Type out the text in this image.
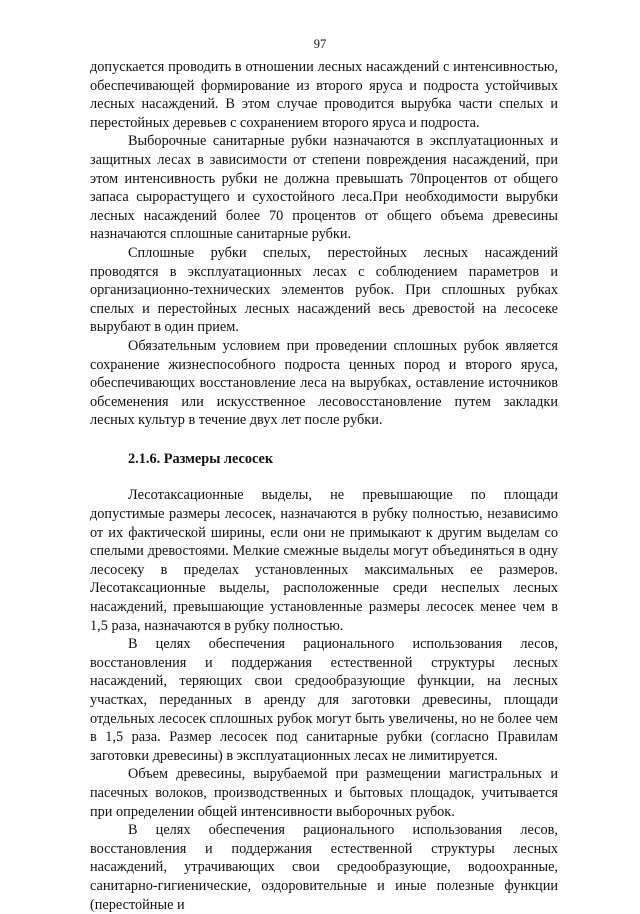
97

допускается проводить в отношении лесных насаждений с интенсивностью, обеспечивающей формирование из второго яруса и подроста устойчивых лесных насаждений. В этом случае проводится вырубка части спелых и перестойных деревьев с сохранением второго яруса и подроста.

Выборочные санитарные рубки назначаются в эксплуатационных и защитных лесах в зависимости от степени повреждения насаждений, при этом интенсивность рубки не должна превышать 70процентов от общего запаса сырорастущего и сухостойного леса.При необходимости вырубки лесных насаждений более 70 процентов от общего объема древесины назначаются сплошные санитарные рубки.

Сплошные рубки спелых, перестойных лесных насаждений проводятся в эксплуатационных лесах с соблюдением параметров и организационно-технических элементов рубок. При сплошных рубках спелых и перестойных лесных насаждений весь древостой на лесосеке вырубают в один прием.

Обязательным условием при проведении сплошных рубок является сохранение жизнеспособного подроста ценных пород и второго яруса, обеспечивающих восстановление леса на вырубках, оставление источников обсеменения или искусственное лесовосстановление путем закладки лесных культур в течение двух лет после рубки.

2.1.6. Размеры лесосек

Лесотаксационные выделы, не превышающие по площади допустимые размеры лесосек, назначаются в рубку полностью, независимо от их фактической ширины, если они не примыкают к другим выделам со спелыми древостоями. Мелкие смежные выделы могут объединяться в одну лесосеку в пределах установленных максимальных ее размеров. Лесотаксационные выделы, расположенные среди неспелых лесных насаждений, превышающие установленные размеры лесосек менее чем в 1,5 раза, назначаются в рубку полностью.

В целях обеспечения рационального использования лесов, восстановления и поддержания естественной структуры лесных насаждений, теряющих свои средообразующие функции, на лесных участках, переданных в аренду для заготовки древесины, площади отдельных лесосек сплошных рубок могут быть увеличены, но не более чем в 1,5 раза. Размер лесосек под санитарные рубки (согласно Правилам заготовки древесины) в эксплуатационных лесах не лимитируется.

Объем древесины, вырубаемой при размещении магистральных и пасечных волоков, производственных и бытовых площадок, учитывается при определении общей интенсивности выборочных рубок.

В целях обеспечения рационального использования лесов, восстановления и поддержания естественной структуры лесных насаждений, утрачивающих свои средообразующие, водоохранные, санитарно-гигиенические, оздоровительные и иные полезные функции (перестойные и
